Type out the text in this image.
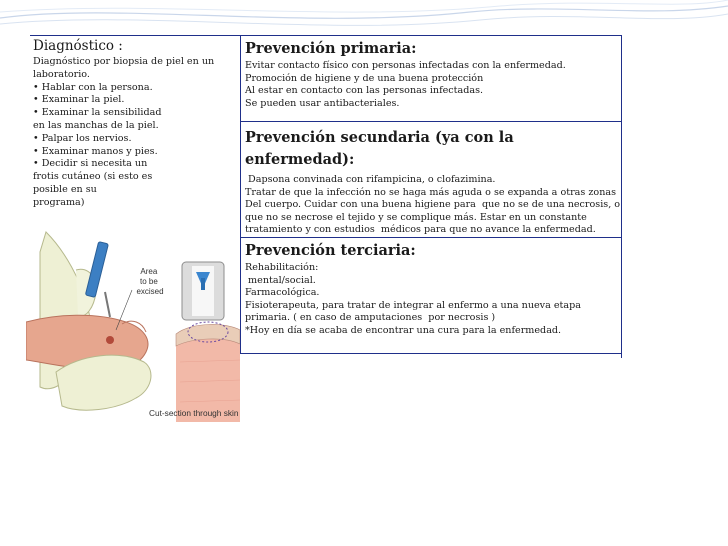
Diagnóstico :
Diagnóstico por biopsia de piel en un laboratorio.
• Hablar con la persona.
• Examinar la piel.
• Examinar la sensibilidad
en las manchas de la piel.
• Palpar los nervios.
• Examinar manos y pies.
• Decidir si necesita un
frotis cutáneo (si esto es
posible en su
programa)
Prevención primaria:
Evitar contacto físico con personas infectadas con la enfermedad.
Promoción de higiene y de una buena protección
Al estar en contacto con las personas infectadas.
Se pueden usar antibacteriales.
Prevención secundaria (ya con la
enfermedad):
Dapsona convinada con rifampicina, o clofazimina.
Tratar de que la infección no se haga más aguda o se expanda a otras zonas
Del cuerpo. Cuidar con una buena higiene para  que no se de una necrosis, o
que no se necrose el tejido y se complique más. Estar en un constante
tratamiento y con estudios  médicos para que no avance la enfermedad.
Prevención terciaria:
Rehabilitación:
mental/social.
Farmacológica.
Fisioterapeuta, para tratar de integrar al enfermo a una nueva etapa
primaria. ( en caso de amputaciones  por necrosis )
*Hoy en día se acaba de encontrar una cura para la enfermedad.
Area to be excised
Cut-section through skin
